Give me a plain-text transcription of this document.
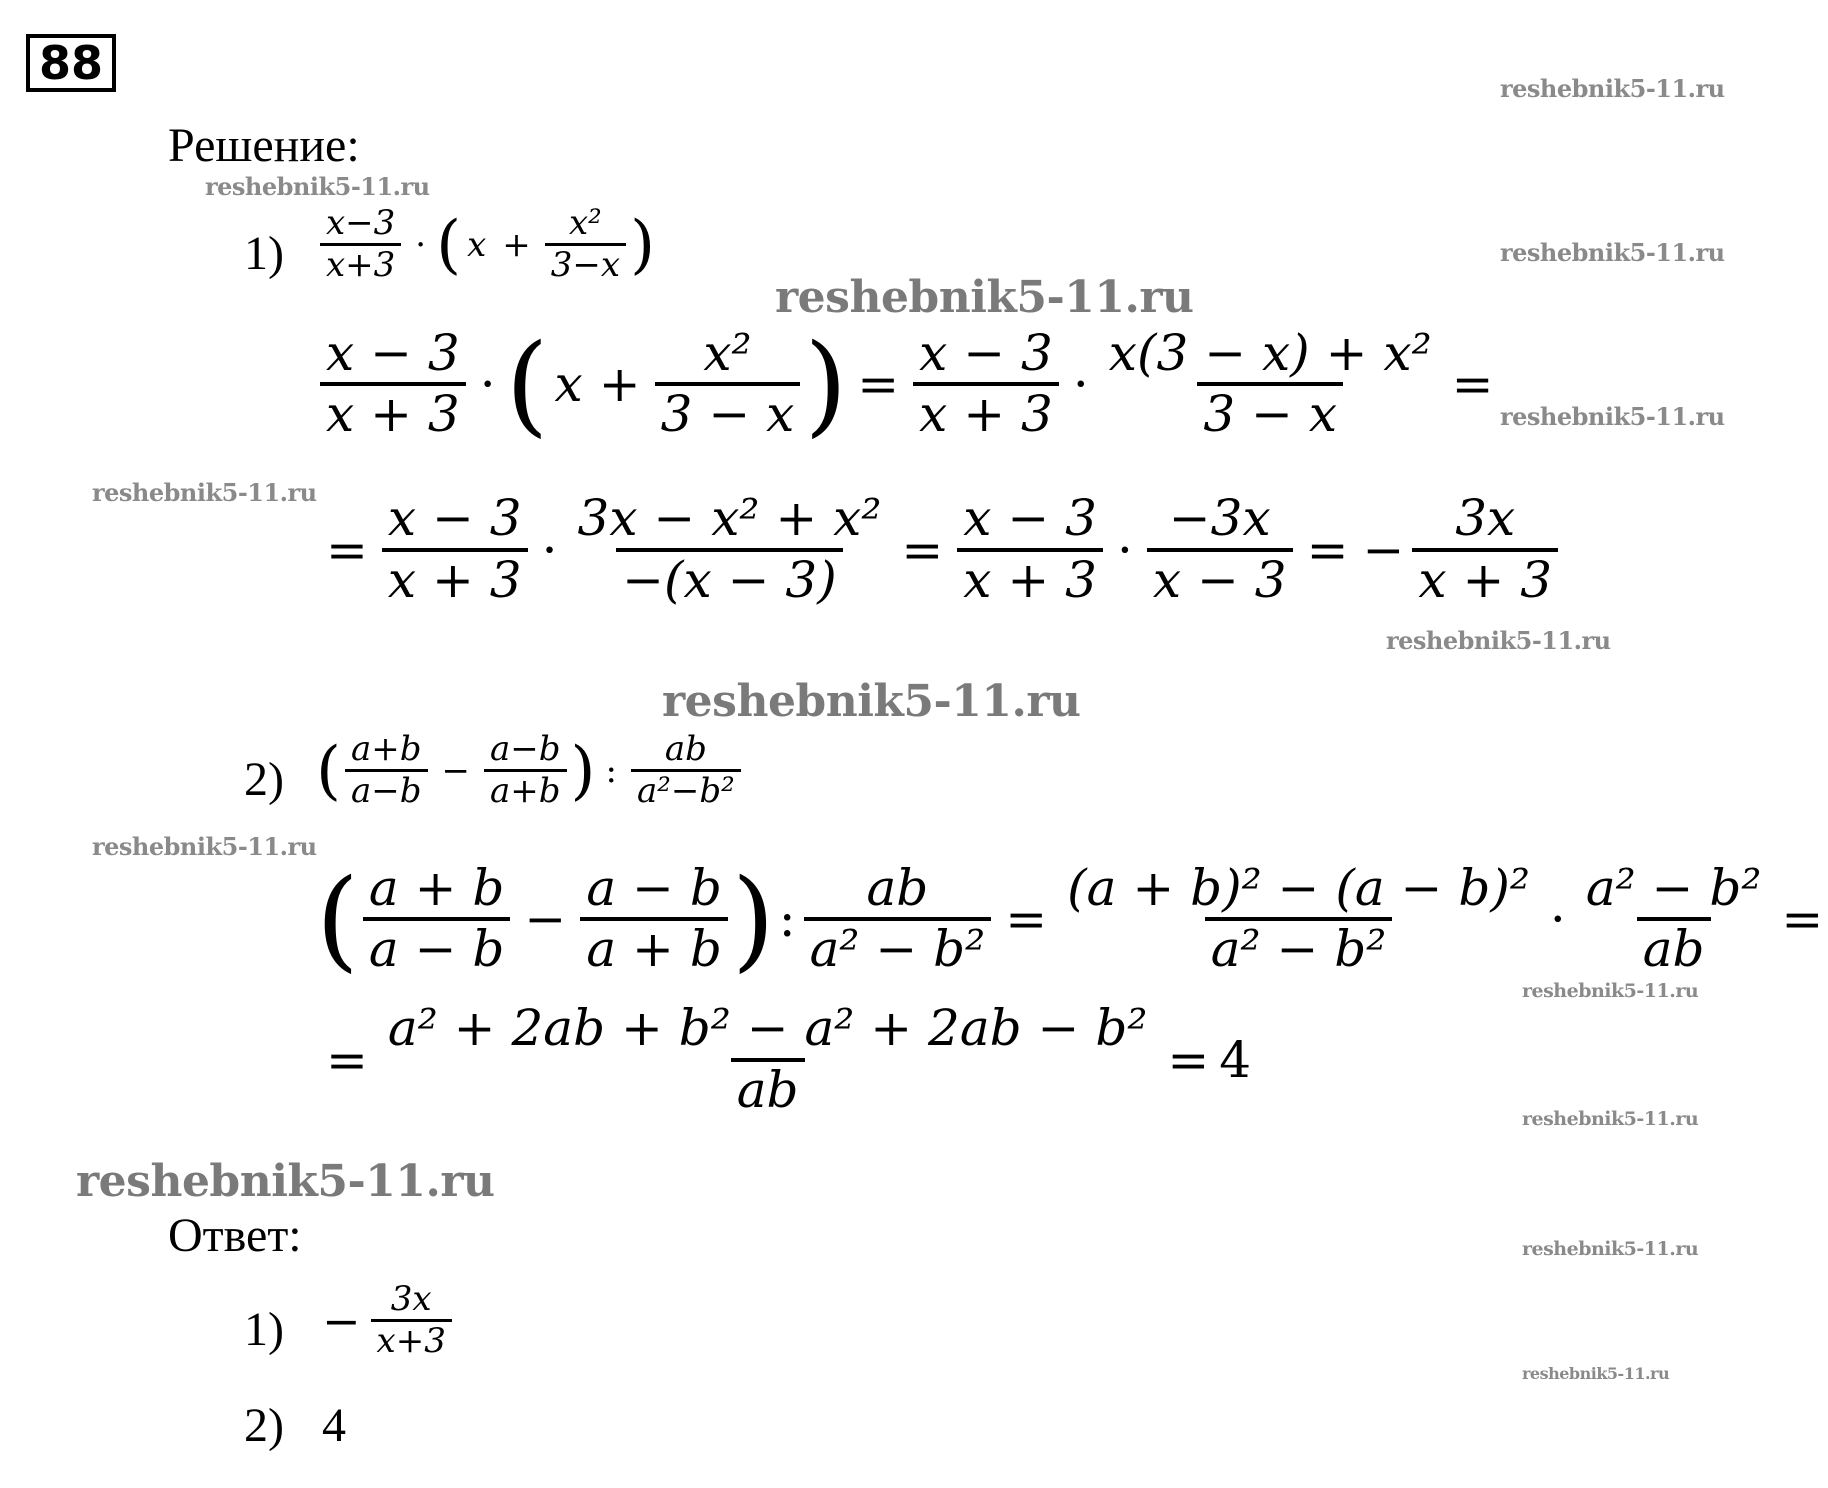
88	reshebnik5-11.ru
reshebnik5-11.ru
reshebnik5-11.ru
reshebnik5-11.ru
reshebnik5-11.ru
reshebnik5-11.ru
reshebnik5-11.ru
reshebnik5-11.ru
reshebnik5-11.ru
reshebnik5-11.ru
reshebnik5-11.ru
reshebnik5-11.ru
reshebnik5-11.ru
reshebnik5-11.ru
Решение:
$1) \frac{x-3}{x+3}$ · ( $x + \frac{\text{x²}}{3-x}$ )
$\frac{x - 3}{x + 3}$ · ( $x + \frac{\text{x²}}{3 - x}$ ) = $\frac{x - 3}{x + 3} \cdot \frac{\text{x(3 − x) + x²}}{3 - x}$ =
= $\frac{x - 3}{x + 3} \cdot \frac{\text{3x − x² + x²}}{-(x - 3)} = \frac{x - 3}{x + 3} \cdot \frac{-3x}{x - 3}$ = − $\frac{3x}{x + 3}$
2) ( $\frac{a+b}{a-b} - \frac{a-b}{a+b}$ ) : $\frac{ab}{\text{a²−b²}}$
( $\frac{a + b}{a - b} - \frac{a - b}{a + b}$ ) : $\frac{ab}{\text{a² − b²}} = \frac{\text{(a + b)² − (a − b)²}}{\text{a² − b²}} \cdot \frac{\text{a² − b²}}{ab}$ =
= $\frac{\text{a² + 2ab + b² − a² + 2ab − b²}}{ab} = 4$
Ответ:
$1) - \frac{3x}{x+3}$
2) 4
